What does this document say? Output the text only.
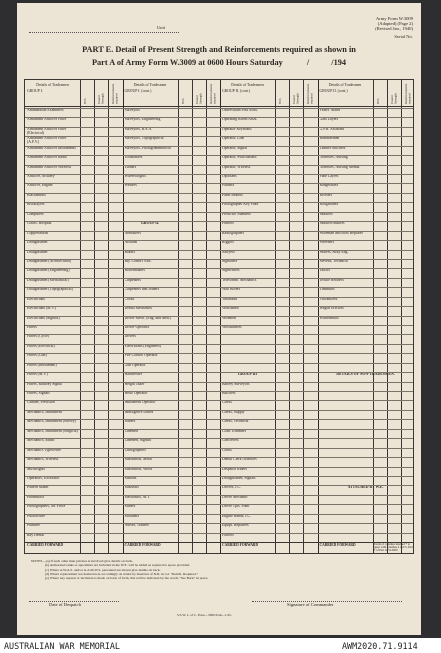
Unit
Army Form W.3009
(Adapted) (Page 2)
(Revised Jan., 1940)
Serial No.
PART E. Detail of Present Strength and Reinforcements required as shown in
Part A of Army Form W.3009 at 0600 Hours Saturday	/	/194
Details of Tradesmen
GROUP I.
W.E.	Posted Strength Reinforcements required
Ammunition Examiners
Armament Artificer Fitter
Armament Artificer Fitter (Electrical)
Armament Artificer Fitter (A.F.V.)
Armament Artificer Instruments
Armament Artificer Radio
Armament Artificer Wireless
Artificer, Artillery
Artificer, Engine
Blacksmiths
Bricklayers
Computers
Cooks, Hospital
Coppersmiths
Draughtsmen
Draughtsmen
Draughtsmen (Architectural)
Draughtsmen (Engineering)
Draughtsmen (Mechanical)
Draughtsmen (Topographical)
Electricians
Electricians (M.V.)
Electricians (Signals)
Fitters
Fitters (Cycle)
Fitters (Electrical)
Fitters (Gun)
Fitters (Instrument)
Fitters (M.V.)
Fitters, Railway Signal
Fitters, Signals
Grinder, Precision
Mechanics, Instrument
Mechanics, Instrument (Survey)
Mechanics, Instrument (Surgical)
Mechanics, Radio
Mechanics Typewriter
Mechanics, Wireless
Millwrights
Operators, Excavator
Pattern Maker
Pharmacist
Photographers, Air Force
Photowriter
Plumber
Ray Dental
CARRIED FORWARD
Details of Tradesmen
GROUP I. (cont.)
W.E.	Posted Strength Reinforcements required
Surveyors
Surveyors, Engineering
Surveyors, R.S.A.
Surveyors, Topographical
Surveyors, Photogrammetrical
Toolmakers
Turners
Wheelwrights
Welders
GROUP II.
Armourers
Artisans
Bakers
Bty. Comd's Asst.
Boilermakers
Carpenters
Carpenters and Joiners
Cooks
Dental Mechanics
Driver-Mech. (Eng. and Med.)
Driver-Operator
Drivers
Electricians (Engineers)
Fire Control Operator
Gun Operator
Hairdresser
Height Taker
Helio Operator
Instrument Operator
Intelligence Duties
Joiners
Linemen
Linemen, Signals
Lithographers
Machinists, Metal
Machinists, Wood
Masons
Masseurs
Mechanics, M.T.
Miners
Moulders
Nurses, Trained
CARRIED FORWARD
Details of Tradesmen
GROUP II. (cont.)
W.E.	Posted Strength Reinforcements required
Observation Post Assts.
Operating Room Assts.
Operator Keyboard
Operator, Line
Operator, Signal
Operator, Switchboard
Operator, Wireless
Opticians
Painters
Panel Beaters
Photographer Key Plate
Predictor Numbers
Printers
Radiographers
Riggers
Sawyers
Signallers
Signwriters
Telecomm. Mechanics
Wall Borers
Tinsmiths
Winchmen
Wiremen
Woodturners
GROUP III
Battery Surveyors
Butchers
Clerks
Clerks, Supply
Clerks, Technical
Cloth Trimmers
Concreters
Cooks
Dental Clerk Orderlies
Despatch Riders
Draughtsmen, Signals
Drivers, I.C.
Driver Mechanic
Driver Tpts. Plant
Engine Hands, I.C.
Equipt. Repairers
Farriers
CARRIED FORWARD
Details of Tradesmen
GROUP II. (cont.)
W.E.	Posted Strength Reinforcements required
Fitters' Mates
Gass Layers
G.P.R. Assistant
Hammermen
Leather Stitchers
Orderlies, Nursing
Orderlies, Nursing Mental
Plate Layers
Rangetakers
Riveters
Roughriders
Saddlers
Saddlers makers
Storeman and Boss Repairer
Sweeners
Sealers, Stray Eng.
Stevens, Technical
Tailors
Textile Refiners
Tinsmiths
Vulcanizers
Wagon Erectors
Whitesmiths
DETAILS OF NON-TRADESMEN.
ATTACHED BY W.E.
CARRIED FORWARD	Totals of columns marked * to agree with columns 4 and 5, Part E of Part A, W.3009
NOTES—(a) If such other than privates is involved give details on back.
(b) Authorised ranks or specialists not included in the W.E. will be added as required to space provided.
(c) Where A.W.A.S. and/or A.A.M.W.S. personnel are shown give details on back.
(d) Where replacement not desired note accordingly on return by insertion of N.R. in col. "Reinfs. Required."
(e) Where any request or inclusion is made on back of form, this will be indicated by the words "See Back" in space.
Date of Despatch	Signature of Commander
S.S.W. L. of C. Press—5000 Pads—1/45.
AUSTRALIAN WAR MEMORIAL	AWM2020.71.9114
